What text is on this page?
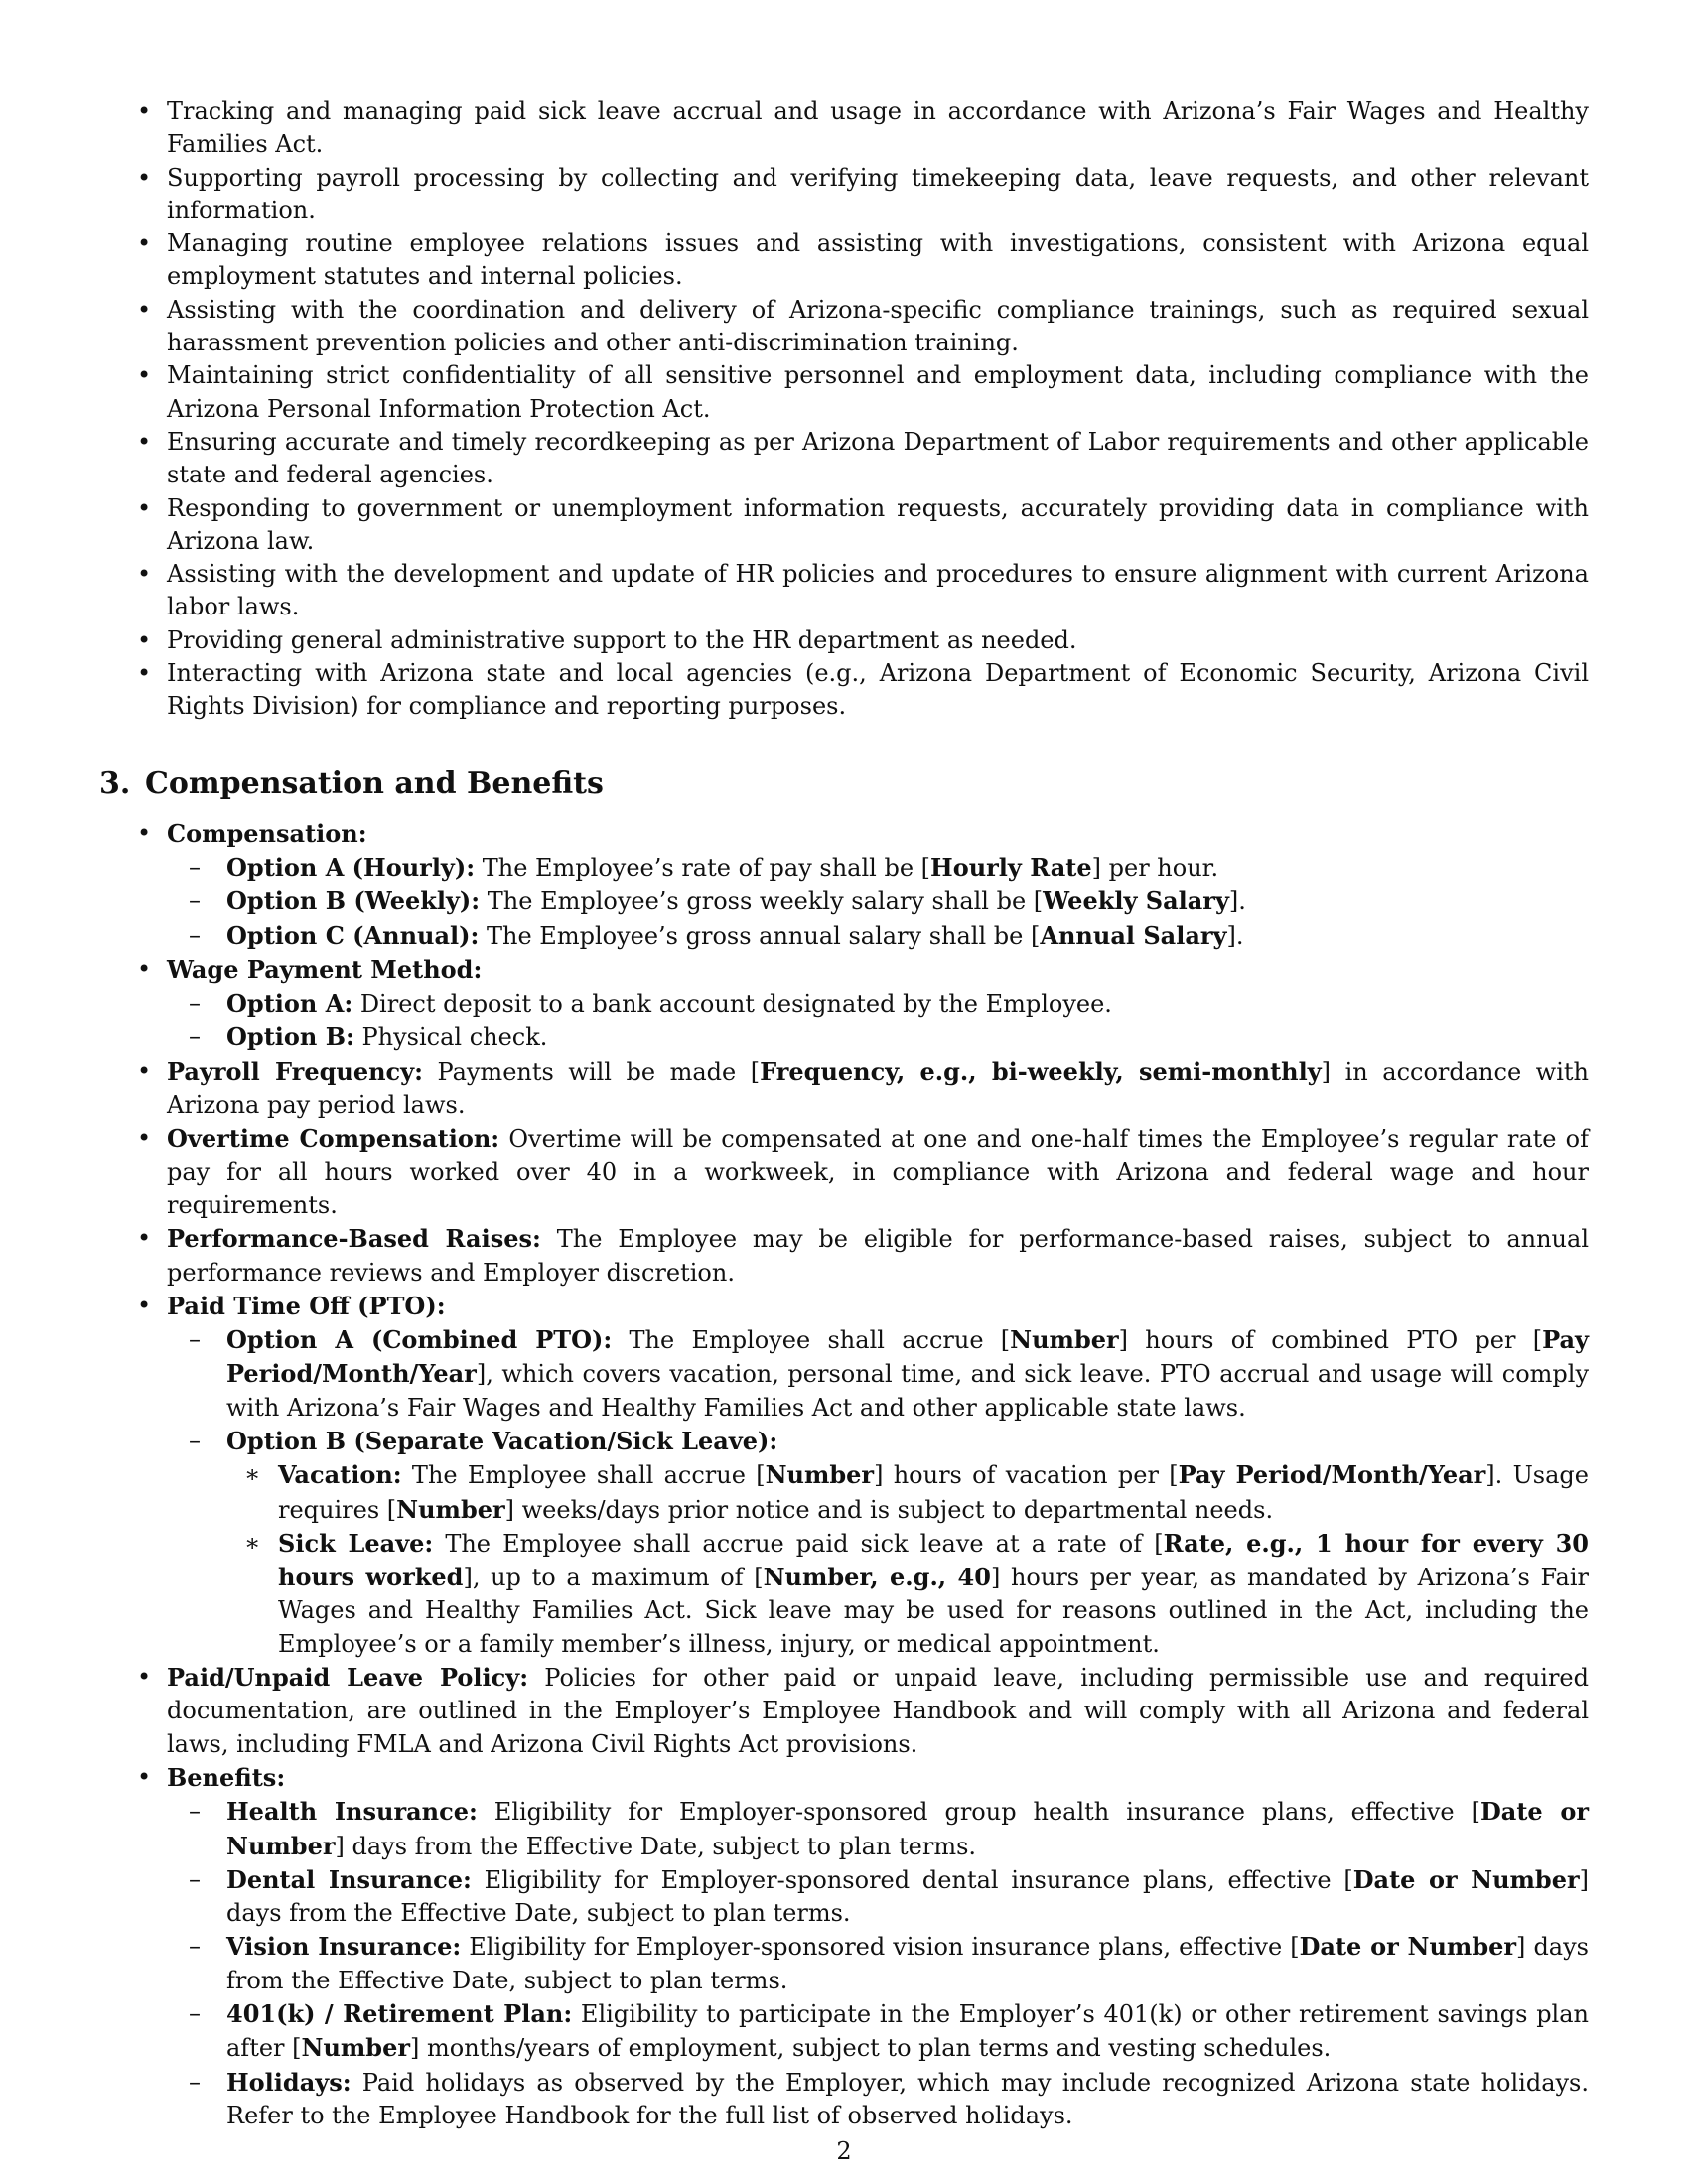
• Tracking and managing paid sick leave accrual and usage in accordance with Arizona’s Fair Wages and Healthy Families Act.
• Supporting payroll processing by collecting and verifying timekeeping data, leave requests, and other relevant information.
• Managing routine employee relations issues and assisting with investigations, consistent with Arizona equal employment statutes and internal policies.
• Assisting with the coordination and delivery of Arizona-specific compliance trainings, such as required sexual harassment prevention policies and other anti-discrimination training.
• Maintaining strict confidentiality of all sensitive personnel and employment data, including compliance with the Arizona Personal Information Protection Act.
• Ensuring accurate and timely recordkeeping as per Arizona Department of Labor requirements and other applicable state and federal agencies.
• Responding to government or unemployment information requests, accurately providing data in compliance with Arizona law.
• Assisting with the development and update of HR policies and procedures to ensure alignment with current Arizona labor laws.
• Providing general administrative support to the HR department as needed.
• Interacting with Arizona state and local agencies (e.g., Arizona Department of Economic Security, Arizona Civil Rights Division) for compliance and reporting purposes.
3. Compensation and Benefits
• Compensation:
– Option A (Hourly): The Employee’s rate of pay shall be [Hourly Rate] per hour.
– Option B (Weekly): The Employee’s gross weekly salary shall be [Weekly Salary].
– Option C (Annual): The Employee’s gross annual salary shall be [Annual Salary].
• Wage Payment Method:
– Option A: Direct deposit to a bank account designated by the Employee.
– Option B: Physical check.
• Payroll Frequency: Payments will be made [Frequency, e.g., bi-weekly, semi-monthly] in accordance with Arizona pay period laws.
• Overtime Compensation: Overtime will be compensated at one and one-half times the Employee’s regular rate of pay for all hours worked over 40 in a workweek, in compliance with Arizona and federal wage and hour requirements.
• Performance-Based Raises: The Employee may be eligible for performance-based raises, subject to annual performance reviews and Employer discretion.
• Paid Time Off (PTO):
– Option A (Combined PTO): The Employee shall accrue [Number] hours of combined PTO per [Pay Period/Month/Year], which covers vacation, personal time, and sick leave. PTO accrual and usage will comply with Arizona’s Fair Wages and Healthy Families Act and other applicable state laws.
– Option B (Separate Vacation/Sick Leave):
∗ Vacation: The Employee shall accrue [Number] hours of vacation per [Pay Period/Month/Year]. Usage requires [Number] weeks/days prior notice and is subject to departmental needs.
∗ Sick Leave: The Employee shall accrue paid sick leave at a rate of [Rate, e.g., 1 hour for every 30 hours worked], up to a maximum of [Number, e.g., 40] hours per year, as mandated by Arizona’s Fair Wages and Healthy Families Act. Sick leave may be used for reasons outlined in the Act, including the Employee’s or a family member’s illness, injury, or medical appointment.
• Paid/Unpaid Leave Policy: Policies for other paid or unpaid leave, including permissible use and required documentation, are outlined in the Employer’s Employee Handbook and will comply with all Arizona and federal laws, including FMLA and Arizona Civil Rights Act provisions.
• Benefits:
– Health Insurance: Eligibility for Employer-sponsored group health insurance plans, effective [Date or Number] days from the Effective Date, subject to plan terms.
– Dental Insurance: Eligibility for Employer-sponsored dental insurance plans, effective [Date or Number] days from the Effective Date, subject to plan terms.
– Vision Insurance: Eligibility for Employer-sponsored vision insurance plans, effective [Date or Number] days from the Effective Date, subject to plan terms.
– 401(k) / Retirement Plan: Eligibility to participate in the Employer’s 401(k) or other retirement savings plan after [Number] months/years of employment, subject to plan terms and vesting schedules.
– Holidays: Paid holidays as observed by the Employer, which may include recognized Arizona state holidays. Refer to the Employee Handbook for the full list of observed holidays.
2
